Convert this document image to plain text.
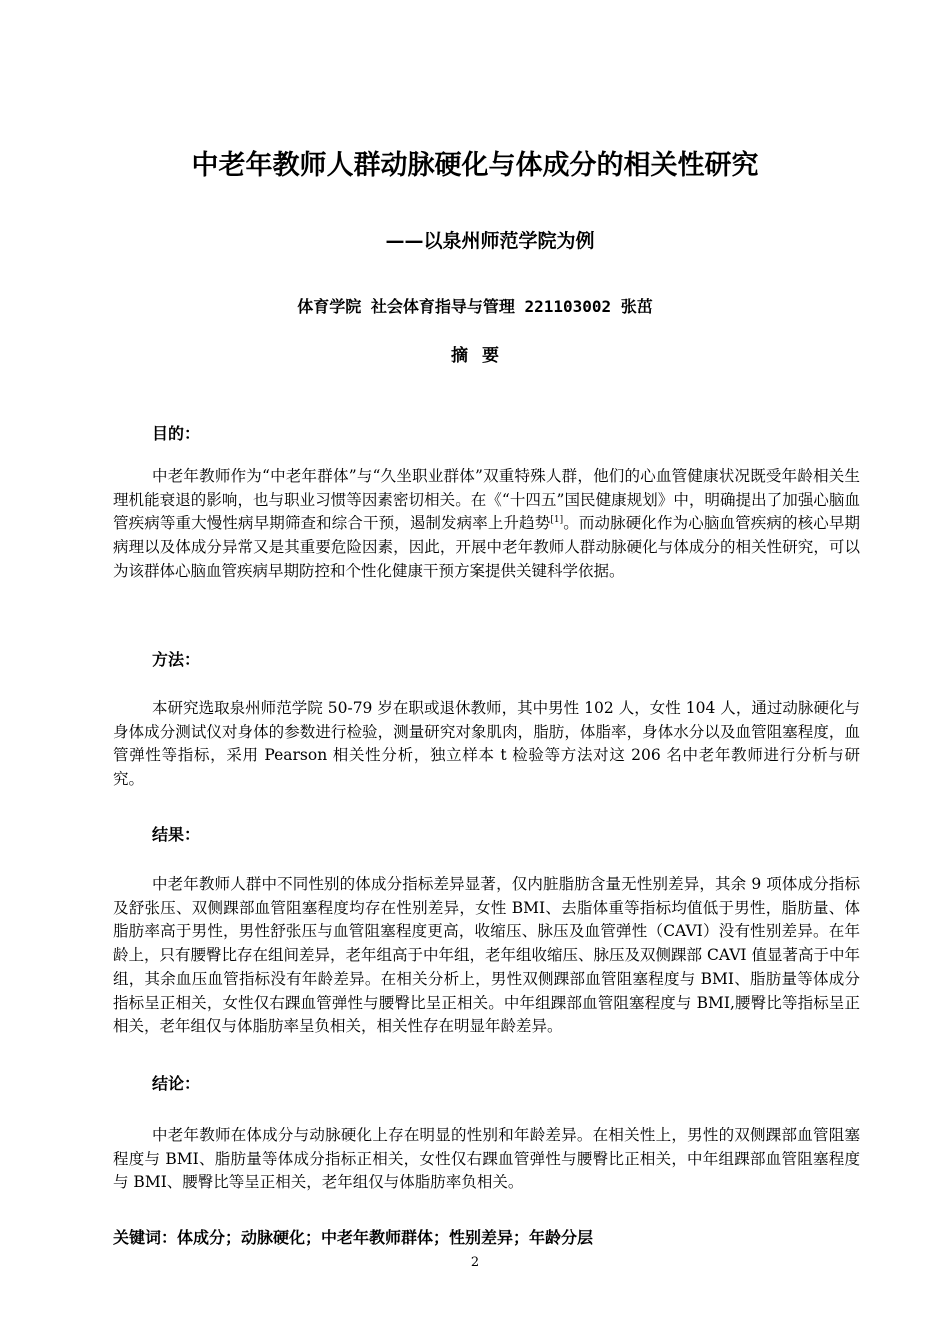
中老年教师人群动脉硬化与体成分的相关性研究
——以泉州师范学院为例

体育学院 社会体育指导与管理 221103002 张茁

摘要

目的：

中老年教师作为“中老年群体”与“久坐职业群体”双重特殊人群，他们的心血管健康状况既受年龄相关生理机能衰退的影响，也与职业习惯等因素密切相关。在《“十四五”国民健康规划》中，明确提出了加强心脑血管疾病等重大慢性病早期筛查和综合干预，遏制发病率上升趋势[1]。而动脉硬化作为心脑血管疾病的核心早期病理以及体成分异常又是其重要危险因素，因此，开展中老年教师人群动脉硬化与体成分的相关性研究，可以为该群体心脑血管疾病早期防控和个性化健康干预方案提供关键科学依据。

方法：

本研究选取泉州师范学院 50-79 岁在职或退休教师，其中男性 102 人，女性 104 人，通过动脉硬化与身体成分测试仪对身体的参数进行检验，测量研究对象肌肉，脂肪，体脂率，身体水分以及血管阻塞程度，血管弹性等指标，采用 Pearson 相关性分析，独立样本 t 检验等方法对这 206 名中老年教师进行分析与研究。

结果：

中老年教师人群中不同性别的体成分指标差异显著，仅内脏脂肪含量无性别差异，其余 9 项体成分指标及舒张压、双侧踝部血管阻塞程度均存在性别差异，女性 BMI、去脂体重等指标均值低于男性，脂肪量、体脂肪率高于男性，男性舒张压与血管阻塞程度更高，收缩压、脉压及血管弹性（CAVI）没有性别差异。在年龄上，只有腰臀比存在组间差异，老年组高于中年组，老年组收缩压、脉压及双侧踝部 CAVI 值显著高于中年组，其余血压血管指标没有年龄差异。在相关分析上，男性双侧踝部血管阻塞程度与 BMI、脂肪量等体成分指标呈正相关，女性仅右踝血管弹性与腰臀比呈正相关。中年组踝部血管阻塞程度与 BMI,腰臀比等指标呈正相关，老年组仅与体脂肪率呈负相关，相关性存在明显年龄差异。

结论：

中老年教师在体成分与动脉硬化上存在明显的性别和年龄差异。在相关性上，男性的双侧踝部血管阻塞程度与 BMI、脂肪量等体成分指标正相关，女性仅右踝血管弹性与腰臀比正相关，中年组踝部血管阻塞程度与 BMI、腰臀比等呈正相关，老年组仅与体脂肪率负相关。

关键词：体成分；动脉硬化；中老年教师群体；性别差异；年龄分层

2
